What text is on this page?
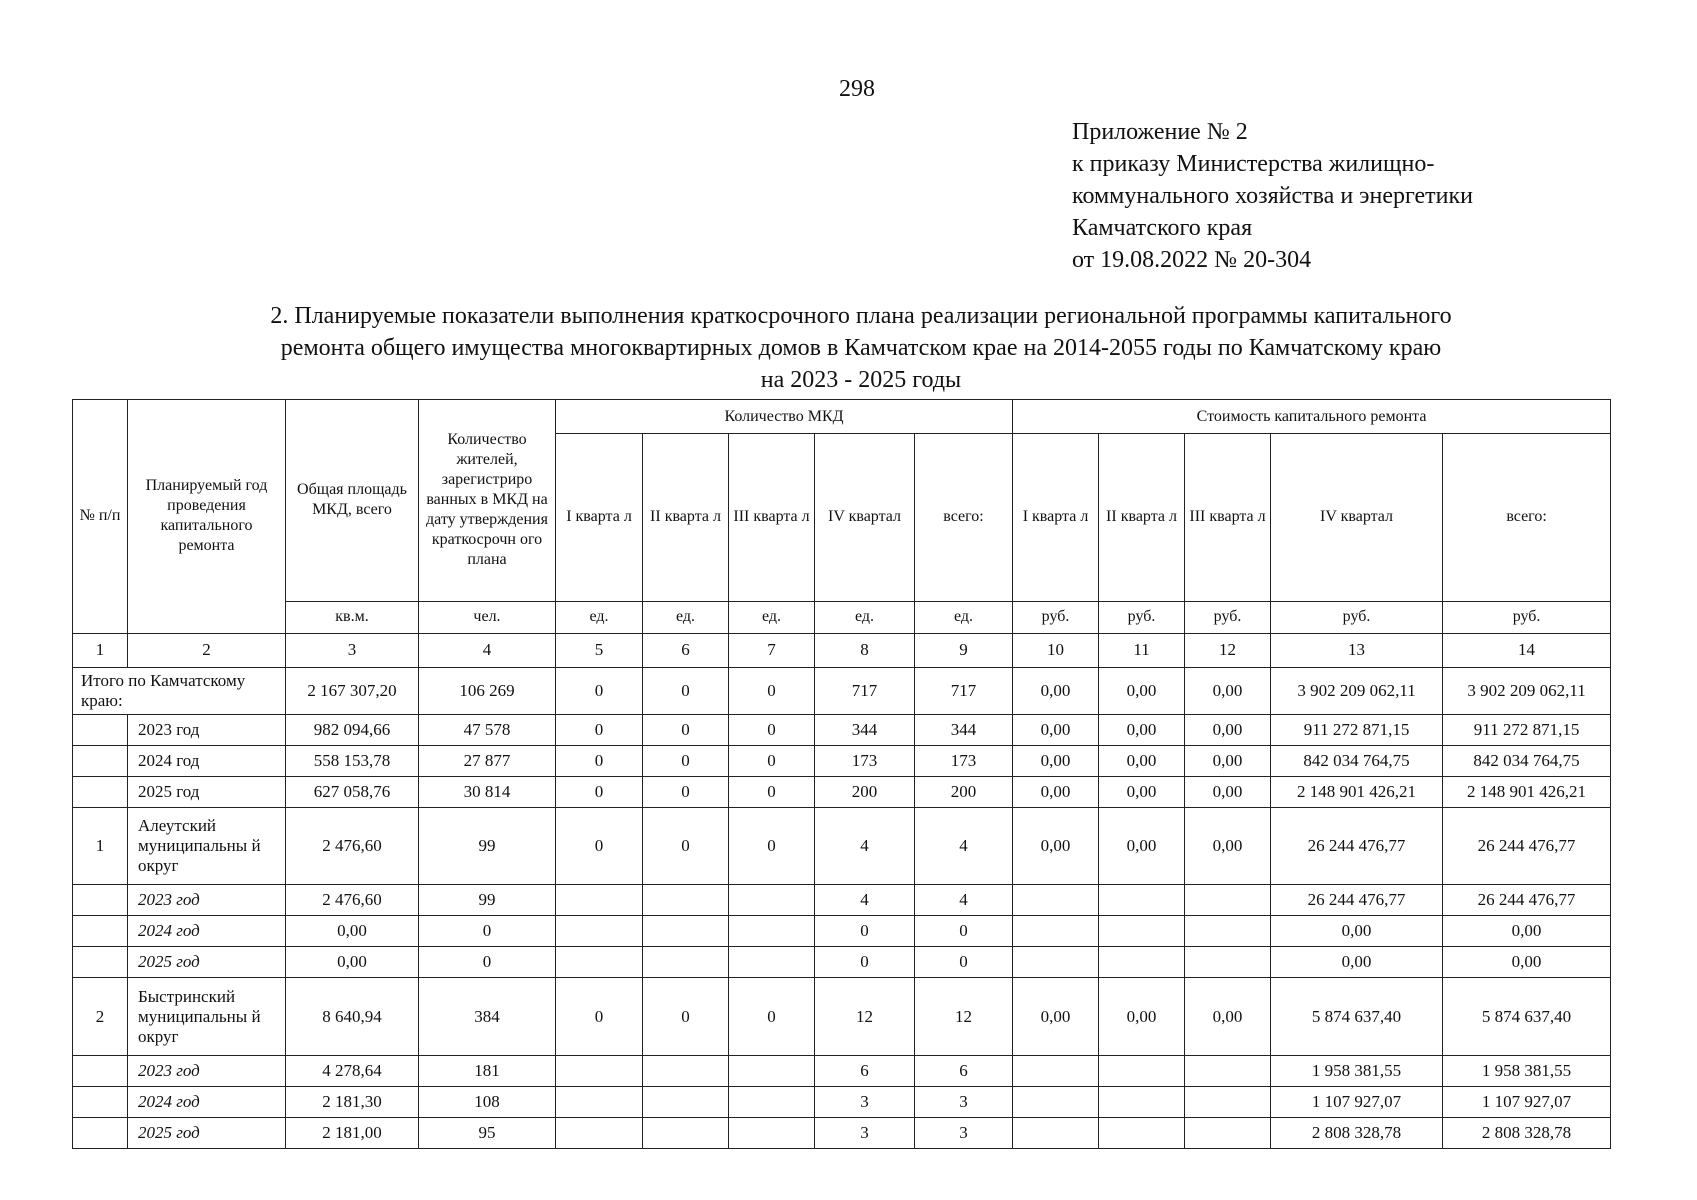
298
Приложение № 2
к приказу Министерства жилищно-
коммунального хозяйства и энергетики
Камчатского края
от 19.08.2022 № 20-304
2. Планируемые показатели выполнения краткосрочного плана реализации региональной программы капитального
ремонта общего имущества многоквартирных домов в Камчатском крае на 2014-2055 годы по Камчатскому краю
на 2023 - 2025 годы
№ п/п	Планируемый год проведения капитального ремонта	Общая площадь МКД, всего	Количество жителей, зарегистриро ванных в МКД на дату утверждения краткосрочн ого плана	Количество МКД					Стоимость капитального ремонта				
				I кварта л	II кварта л	III кварта л	IV квартал	всего:	I кварта л	II кварта л	III кварта л	IV квартал	всего:
		кв.м.	чел.	ед.	ед.	ед.	ед.	ед.	руб.	руб.	руб.	руб.	руб.
1	2	3	4	5	6	7	8	9	10	11	12	13	14
Итого по Камчатскому краю:		2 167 307,20	106 269	0	0	0	717	717	0,00	0,00	0,00	3 902 209 062,11	3 902 209 062,11
	2023 год	982 094,66	47 578	0	0	0	344	344	0,00	0,00	0,00	911 272 871,15	911 272 871,15
	2024 год	558 153,78	27 877	0	0	0	173	173	0,00	0,00	0,00	842 034 764,75	842 034 764,75
	2025 год	627 058,76	30 814	0	0	0	200	200	0,00	0,00	0,00	2 148 901 426,21	2 148 901 426,21
1	Алеутский муниципальны й округ	2 476,60	99	0	0	0	4	4	0,00	0,00	0,00	26 244 476,77	26 244 476,77
	2023 год	2 476,60	99				4	4				26 244 476,77	26 244 476,77
	2024 год	0,00	0				0	0				0,00	0,00
	2025 год	0,00	0				0	0				0,00	0,00
2	Быстринский муниципальны й округ	8 640,94	384	0	0	0	12	12	0,00	0,00	0,00	5 874 637,40	5 874 637,40
	2023 год	4 278,64	181				6	6				1 958 381,55	1 958 381,55
	2024 год	2 181,30	108				3	3				1 107 927,07	1 107 927,07
	2025 год	2 181,00	95				3	3				2 808 328,78	2 808 328,78
